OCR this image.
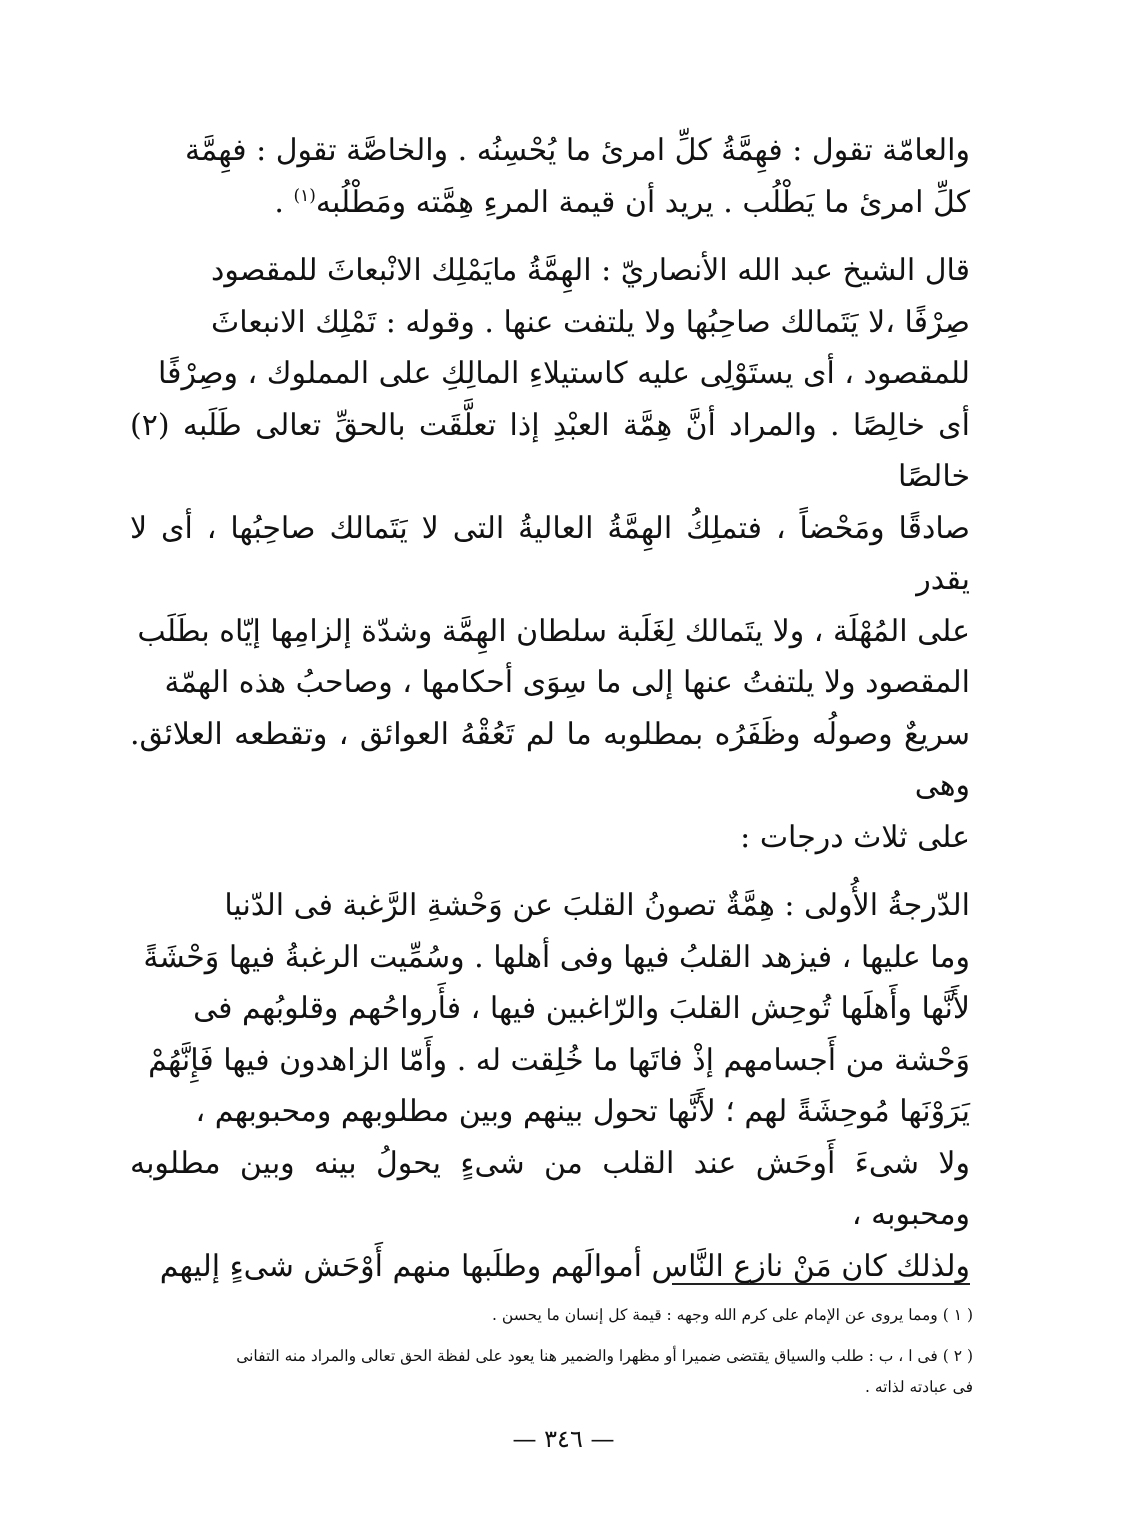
والعامّة تقول : فهِمَّةُ كلِّ امرئ ما يُحْسِنُه . والخاصَّة تقول : فهِمَّة
كلِّ امرئ ما يَطْلُب . يريد أن قيمة المرءِ هِمَّته ومَطْلُبه$^{(١)}$ .

قال الشيخ عبد الله الأنصاريّ : الهِمَّةُ مايَمْلِك الانْبعاثَ للمقصود
صِرْفًا ،لا يَتَمالك صاحِبُها ولا يلتفت عنها . وقوله : تَمْلِك الانبعاثَ
للمقصود ، أى يستَوْلِى عليه كاستيلاءِ المالِكِ على المملوك ، وصِرْفًا
أى خالِصًا . والمراد أنَّ هِمَّة العبْدِ إذا تعلَّقَت بالحقِّ تعالى طَلَبه (٢) خالصًا
صادقًا ومَحْضاً ، فتملِكُ الهِمَّةُ العاليةُ التى لا يَتَمالك صاحِبُها ، أى لا يقدر
على المُهْلَة ، ولا يتَمالك لِغَلَبة سلطان الهِمَّة وشدّة إلزامِها إيّاه بطَلَب
المقصود ولا يلتفتُ عنها إلى ما سِوَى أحكامها ، وصاحبُ هذه الهمّة
سريعٌ وصولُه وظَفَرُه بمطلوبه ما لم تَعُقْهُ العوائق ، وتقطعه العلائق. وهى
على ثلاث درجات :

الدّرجةُ الأُولى : هِمَّةٌ تصونُ القلبَ عن وَحْشةِ الرَّغبة فى الدّنيا
وما عليها ، فيزهد القلبُ فيها وفى أهلها . وسُمِّيت الرغبةُ فيها وَحْشَةً
لأَنَّها وأَهلَها تُوحِش القلبَ والرّاغبين فيها ، فأَرواحُهم وقلوبُهم فى
وَحْشة من أَجسامهم إذْ فاتَها ما خُلِقت له . وأَمّا الزاهدون فيها فَإِنَّهُمْ
يَرَوْنَها مُوحِشَةً لهم ؛ لأَنَّها تحول بينهم وبين مطلوبهم ومحبوبهم ،
ولا شىءَ أَوحَش عند القلب من شىءٍ يحولُ بينه وبين مطلوبه ومحبوبه ،
ولذلك كان مَنْ نازع النَّاس أموالَهم وطلَبها منهم أَوْحَش شىءٍ إليهم

( ١ ) ومما يروى عن الإمام على كرم الله وجهه : قيمة كل إنسان ما يحسن .
( ٢ ) فى ا ، ب : طلب والسياق يقتضى ضميرا أو مظهرا والضمير هنا يعود على لفظة الحق تعالى والمراد منه التفانى
فى عبادته لذاته .
— ٣٤٦ —
